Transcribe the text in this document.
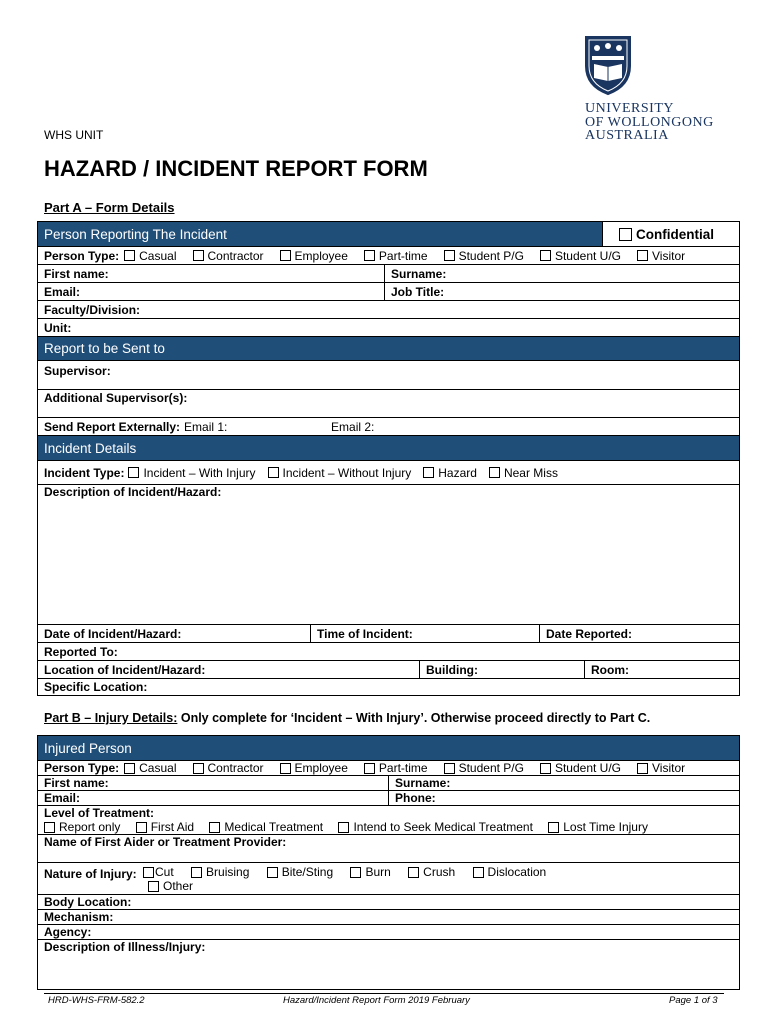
UNIVERSITY
OF WOLLONGONG
AUSTRALIA
WHS UNIT
HAZARD / INCIDENT REPORT FORM
Part A – Form Details
Person Reporting The Incident	Confidential
Person Type: Casual	Contractor	Employee	Part-time	Student P/G	Student U/G	Visitor
First name:	Surname:
Email:	Job Title:
Faculty/Division:
Unit:
Report to be Sent to
Supervisor:
Additional Supervisor(s):
Send Report Externally: Email 1:	Email 2:
Incident Details
Incident Type: Incident – With Injury Incident – Without Injury Hazard Near Miss
Description of Incident/Hazard:
Date of Incident/Hazard:	Time of Incident:	Date Reported:
Reported To:
Location of Incident/Hazard:	Building:	Room:
Specific Location:
Part B – Injury Details: Only complete for ‘Incident – With Injury’. Otherwise proceed directly to Part C.
Injured Person
Person Type: Casual	Contractor	Employee	Part-time	Student P/G	Student U/G	Visitor
First name:	Surname:
Email:	Phone:
Level of Treatment:
Report only
	First Aid
	Medical Treatment
	Intend to Seek Medical Treatment
	Lost Time Injury
Name of First Aider or Treatment Provider:
Nature of Injury: Cut
	Bruising
	Bite/Sting
	Burn
	Crush
	Dislocation
Other
Body Location:
Mechanism:
Agency:
Description of Illness/Injury:
HRD-WHS-FRM-582.2	Hazard/Incident Report Form 2019 February	Page 1 of 3
